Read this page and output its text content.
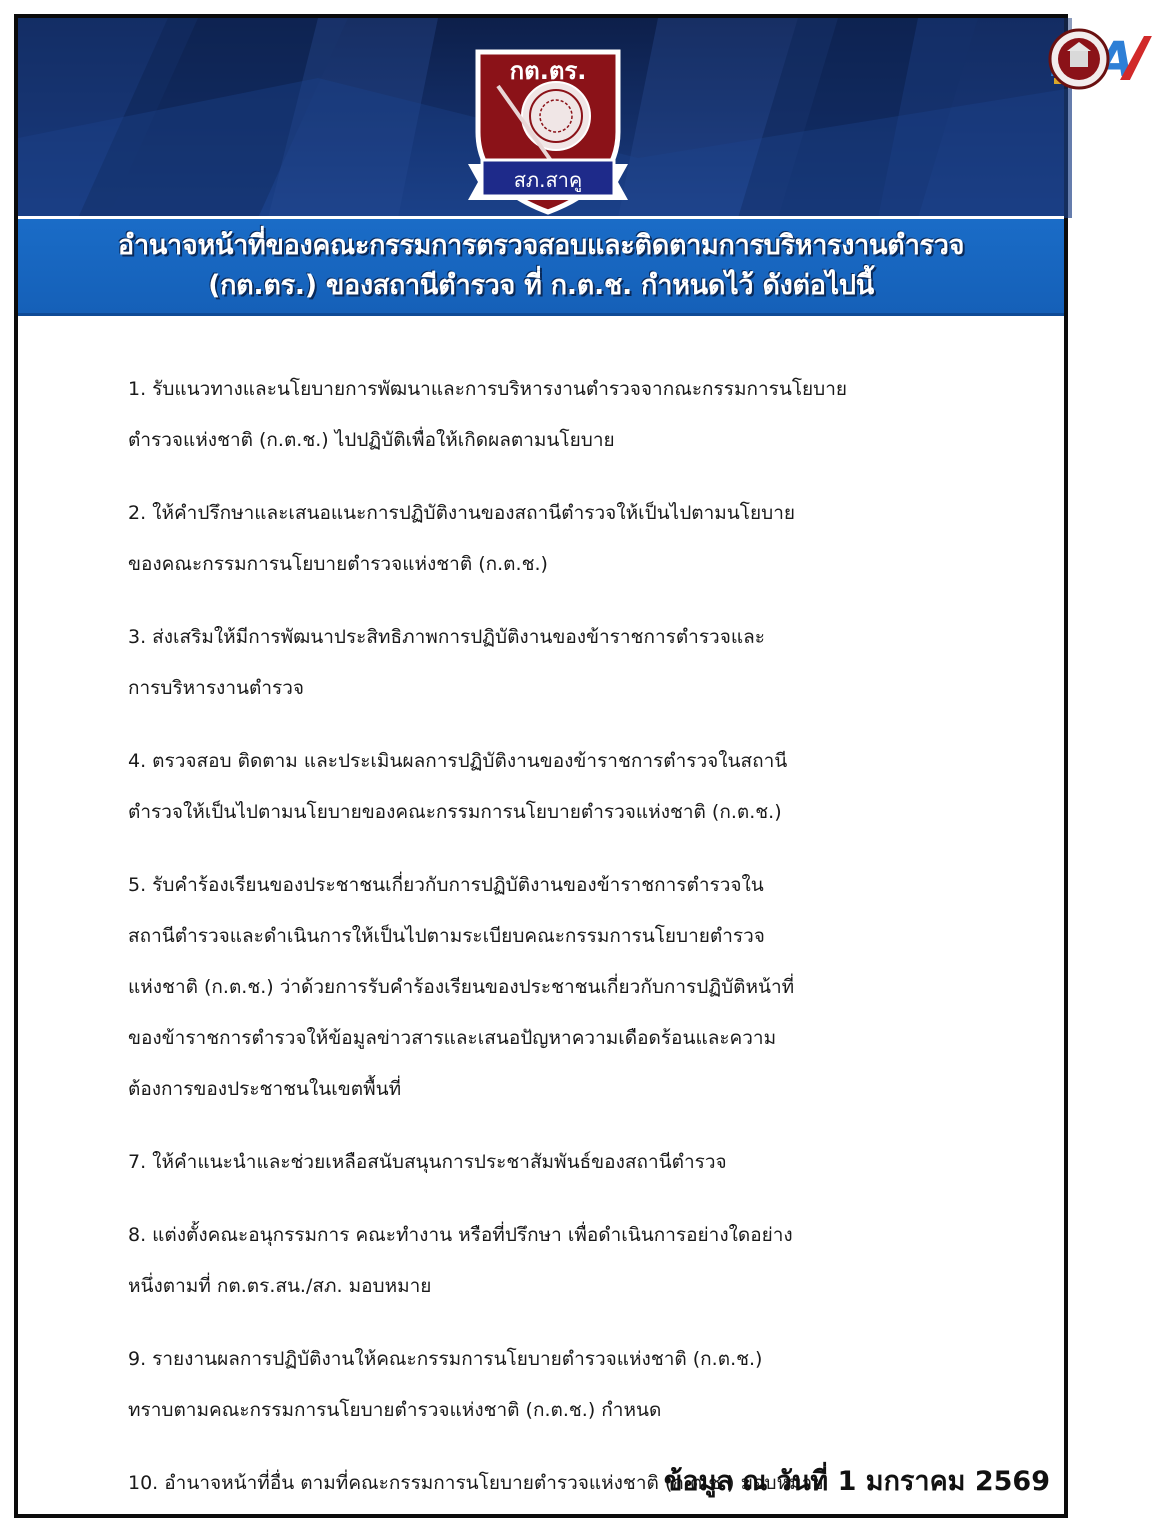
กต.ตร.
สภ.สาคู
อำนาจหน้าที่ของคณะกรรมการตรวจสอบและติดตามการบริหารงานตำรวจ
(กต.ตร.) ของสถานีตำรวจ ที่ ก.ต.ช. กำหนดไว้ ดังต่อไปนี้
1. รับแนวทางและนโยบายการพัฒนาและการบริหารงานตำรวจจากณะกรรมการนโยบาย
ตำรวจแห่งชาติ (ก.ต.ช.) ไปปฏิบัติเพื่อให้เกิดผลตามนโยบาย
2. ให้คำปรึกษาและเสนอแนะการปฏิบัติงานของสถานีตำรวจให้เป็นไปตามนโยบาย
ของคณะกรรมการนโยบายตำรวจแห่งชาติ (ก.ต.ช.)
3. ส่งเสริมให้มีการพัฒนาประสิทธิภาพการปฏิบัติงานของข้าราชการตำรวจและ
การบริหารงานตำรวจ
4. ตรวจสอบ ติดตาม และประเมินผลการปฏิบัติงานของข้าราชการตำรวจในสถานี
ตำรวจให้เป็นไปตามนโยบายของคณะกรรมการนโยบายตำรวจแห่งชาติ (ก.ต.ช.)
5. รับคำร้องเรียนของประชาชนเกี่ยวกับการปฏิบัติงานของข้าราชการตำรวจใน
สถานีตำรวจและดำเนินการให้เป็นไปตามระเบียบคณะกรรมการนโยบายตำรวจ
แห่งชาติ (ก.ต.ช.) ว่าด้วยการรับคำร้องเรียนของประชาชนเกี่ยวกับการปฏิบัติหน้าที่
ของข้าราชการตำรวจให้ข้อมูลข่าวสารและเสนอปัญหาความเดือดร้อนและความ
ต้องการของประชาชนในเขตพื้นที่
7. ให้คำแนะนำและช่วยเหลือสนับสนุนการประชาสัมพันธ์ของสถานีตำรวจ
8. แต่งตั้งคณะอนุกรรมการ คณะทำงาน หรือที่ปรึกษา เพื่อดำเนินการอย่างใดอย่าง
หนึ่งตามที่ กต.ตร.สน./สภ. มอบหมาย
9. รายงานผลการปฏิบัติงานให้คณะกรรมการนโยบายตำรวจแห่งชาติ (ก.ต.ช.)
ทราบตามคณะกรรมการนโยบายตำรวจแห่งชาติ (ก.ต.ช.) กำหนด
10. อำนาจหน้าที่อื่น ตามที่คณะกรรมการนโยบายตำรวจแห่งชาติ (ก.ต.ช.) มอบหมาย
ข้อมูล ณ วันที่ 1 มกราคม 2569
